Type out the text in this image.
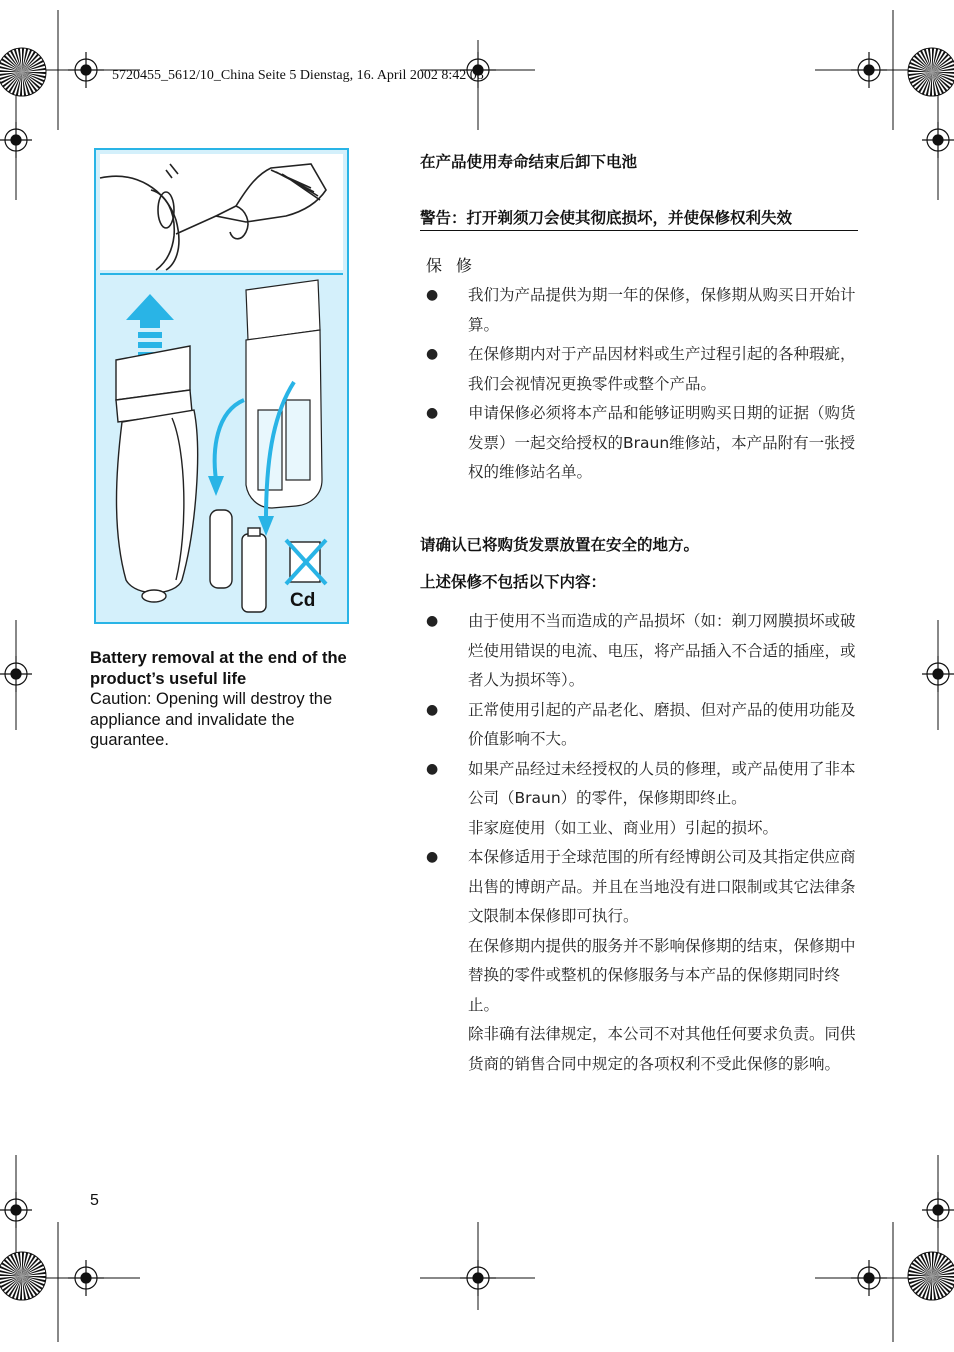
5720455_5612/10_China Seite 5 Dienstag, 16. April 2002 8:42 08
Cd
Battery removal at the end of the product’s useful life
Caution: Opening will destroy the appliance and invalidate the guarantee.
在产品使用寿命结束后卸下电池
警告：打开剃须刀会使其彻底损坏，并使保修权利失效
保修
● 我们为产品提供为期一年的保修，保修期从购买日开始计算。
● 在保修期内对于产品因材料或生产过程引起的各种瑕疵，我们会视情况更换零件或整个产品。
● 申请保修必须将本产品和能够证明购买日期的证据（购货发票）一起交给授权的Braun维修站，本产品附有一张授权的维修站名单。
请确认已将购货发票放置在安全的地方。
上述保修不包括以下内容：
● 由于使用不当而造成的产品损坏（如：剃刀网膜损坏或破烂使用错误的电流、电压，将产品插入不合适的插座，或者人为损坏等）。
● 正常使用引起的产品老化、磨损、但对产品的使用功能及价值影响不大。
● 如果产品经过未经授权的人员的修理，或产品使用了非本公司（Braun）的零件，保修期即终止。
非家庭使用（如工业、商业用）引起的损坏。
● 本保修适用于全球范围的所有经博朗公司及其指定供应商出售的博朗产品。并且在当地没有进口限制或其它法律条文限制本保修即可执行。
在保修期内提供的服务并不影响保修期的结束，保修期中替换的零件或整机的保修服务与本产品的保修期同时终止。
除非确有法律规定，本公司不对其他任何要求负责。同供货商的销售合同中规定的各项权利不受此保修的影响。
5
